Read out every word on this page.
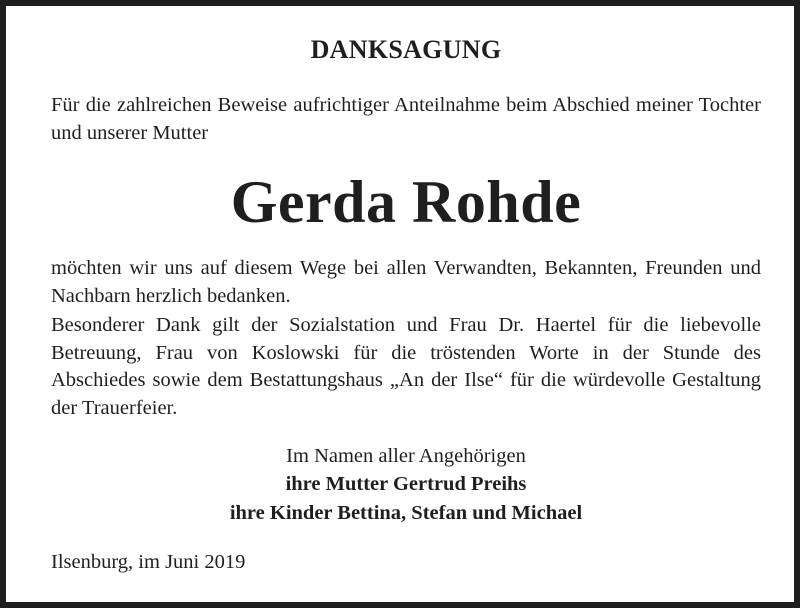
DANKSAGUNG

Für die zahlreichen Beweise aufrichtiger Anteilnahme beim Abschied meiner Tochter und unserer Mutter

Gerda Rohde

möchten wir uns auf diesem Wege bei allen Verwandten, Bekannten, Freunden und Nachbarn herzlich bedanken.

Besonderer Dank gilt der Sozialstation und Frau Dr. Haertel für die liebevolle Betreuung, Frau von Koslowski für die tröstenden Worte in der Stunde des Abschiedes sowie dem Bestattungshaus „An der Ilse“ für die würdevolle Gestaltung der Trauerfeier.

Im Namen aller Angehörigen
ihre Mutter Gertrud Preihs
ihre Kinder Bettina, Stefan und Michael
Ilsenburg, im Juni 2019
